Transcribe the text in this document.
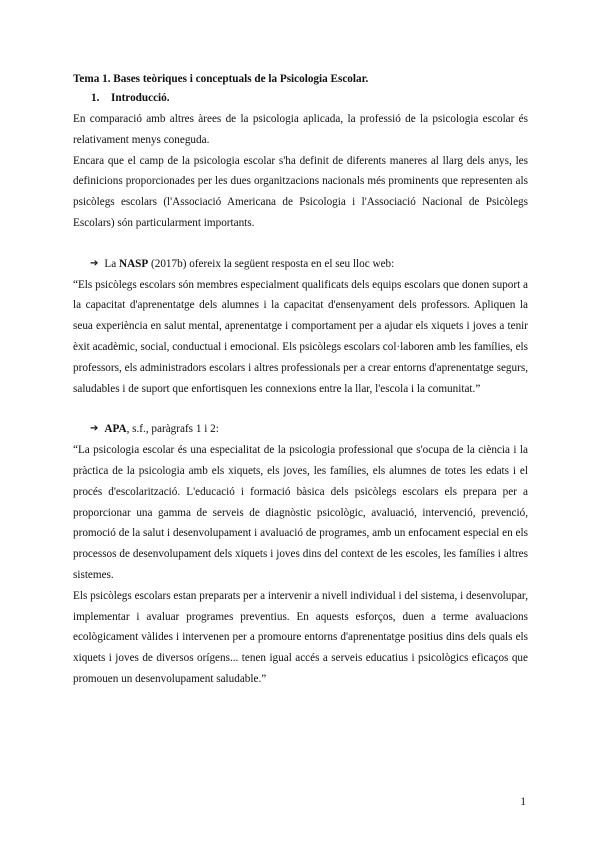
Tema 1. Bases teòriques i conceptuals de la Psicologia Escolar.
1.	Introducció.

En comparació amb altres àrees de la psicologia aplicada, la professió de la psicologia escolar és relativament menys coneguda.

Encara que el camp de la psicologia escolar s'ha definit de diferents maneres al llarg dels anys, les definicions proporcionades per les dues organitzacions nacionals més prominents que representen als psicòlegs escolars (l'Associació Americana de Psicologia i l'Associació Nacional de Psicòlegs Escolars) són particularment importants.

➔ La NASP (2017b) ofereix la següent resposta en el seu lloc web:

“Els psicòlegs escolars són membres especialment qualificats dels equips escolars que donen suport a la capacitat d'aprenentatge dels alumnes i la capacitat d'ensenyament dels professors. Apliquen la seua experiència en salut mental, aprenentatge i comportament per a ajudar els xiquets i joves a tenir èxit acadèmic, social, conductual i emocional. Els psicòlegs escolars col·laboren amb les famílies, els professors, els administradors escolars i altres professionals per a crear entorns d'aprenentatge segurs, saludables i de suport que enfortisquen les connexions entre la llar, l'escola i la comunitat.”

➔ APA, s.f., paràgrafs 1 i 2:

“La psicologia escolar és una especialitat de la psicologia professional que s'ocupa de la ciència i la pràctica de la psicologia amb els xiquets, els joves, les famílies, els alumnes de totes les edats i el procés d'escolarització. L'educació i formació bàsica dels psicòlegs escolars els prepara per a proporcionar una gamma de serveis de diagnòstic psicològic, avaluació, intervenció, prevenció, promoció de la salut i desenvolupament i avaluació de programes, amb un enfocament especial en els processos de desenvolupament dels xiquets i joves dins del context de les escoles, les famílies i altres sistemes.

Els psicòlegs escolars estan preparats per a intervenir a nivell individual i del sistema, i desenvolupar, implementar i avaluar programes preventius. En aquests esforços, duen a terme avaluacions ecològicament vàlides i intervenen per a promoure entorns d'aprenentatge positius dins dels quals els xiquets i joves de diversos orígens... tenen igual accés a serveis educatius i psicològics eficaços que promouen un desenvolupament saludable.”

1
